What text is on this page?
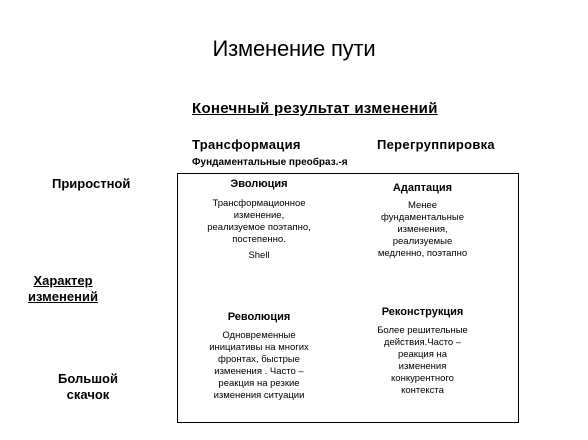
Изменение пути
Конечный результат изменений
Трансформация
Фундаментальные преобраз.-я
Перегруппировка
Приростной
Характер
изменений
Большой
скачок
Эволюция
Трансформационное
изменение,
реализуемое поэтапно,
постепенно.
Shell
Адаптация
Менее
фундаментальные
изменения,
реализуемые
медленно, поэтапно
Революция
Одновременные
инициативы на многих
фронтах, быстрые
изменения . Часто –
реакция на резкие
изменения ситуации
Реконструкция
Более решительные
действия.Часто –
реакция на
изменения
конкурентного
контекста
